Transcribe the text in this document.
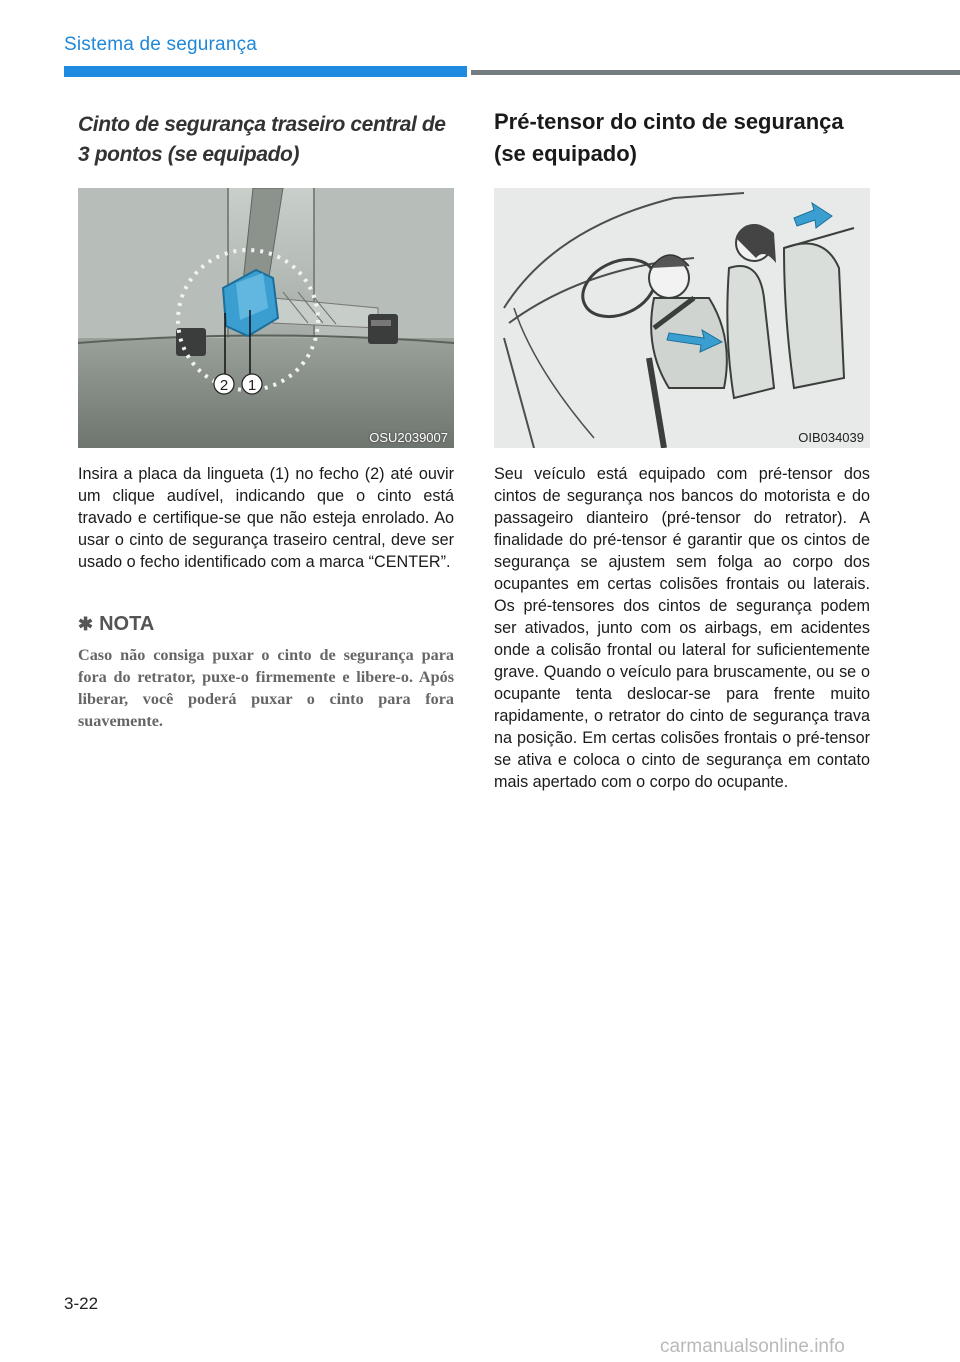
Sistema de segurança
Cinto de segurança traseiro central de 3 pontos (se equipado)
2 1
OSU2039007

Insira a placa da lingueta (1) no fecho (2) até ouvir um clique audível, indicando que o cinto está travado e certifique-se que não esteja enrolado. Ao usar o cinto de segurança traseiro central, deve ser usado o fecho identificado com a marca “CENTER”.

✱ NOTA

Caso não consiga puxar o cinto de segurança para fora do retrator, puxe-o firmemente e libere-o. Após liberar, você poderá puxar o cinto para fora suavemente.

Pré-tensor do cinto de segurança (se equipado)
OIB034039

Seu veículo está equipado com pré-tensor dos cintos de segurança nos bancos do motorista e do passageiro dianteiro (pré-tensor do retrator). A finalidade do pré-tensor é garantir que os cintos de segurança se ajustem sem folga ao corpo dos ocupantes em certas colisões frontais ou laterais. Os pré-tensores dos cintos de segurança podem ser ativados, junto com os airbags, em acidentes onde a colisão frontal ou lateral for suficientemente grave. Quando o veículo para bruscamente, ou se o ocupante tenta deslocar-se para frente muito rapidamente, o retrator do cinto de segurança trava na posição. Em certas colisões frontais o pré-tensor se ativa e coloca o cinto de segurança em contato mais apertado com o corpo do ocupante.

3-22
carmanualsonline.info
